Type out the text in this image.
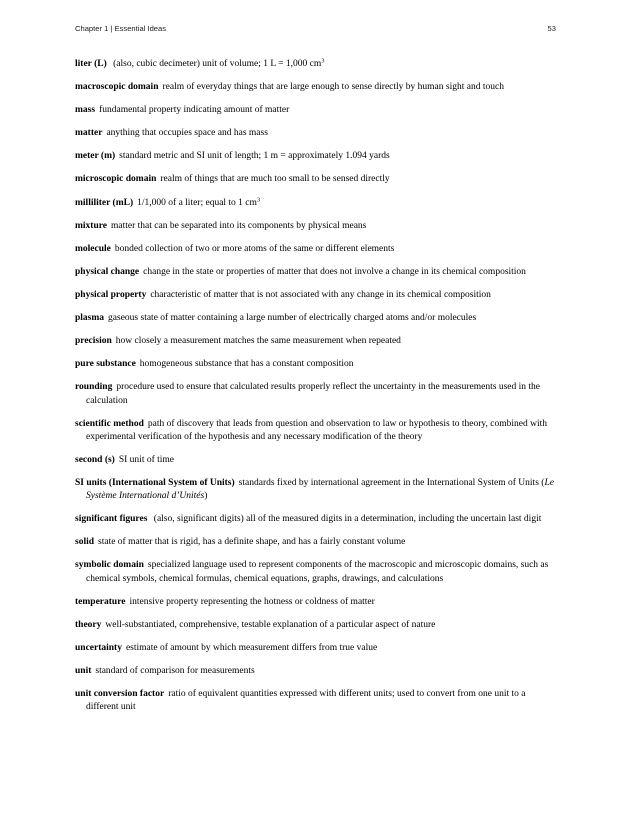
Chapter 1 | Essential Ideas	53

liter (L) (also, cubic decimeter) unit of volume; 1 L = 1,000 $cm^3$

macroscopic domain realm of everyday things that are large enough to sense directly by human sight and touch

mass fundamental property indicating amount of matter

matter anything that occupies space and has mass

meter (m) standard metric and SI unit of length; 1 m = approximately 1.094 yards

microscopic domain realm of things that are much too small to be sensed directly

milliliter (mL) 1/1,000 of a liter; equal to 1 $cm^3$

mixture matter that can be separated into its components by physical means

molecule bonded collection of two or more atoms of the same or different elements

physical change change in the state or properties of matter that does not involve a change in its chemical composition

physical property characteristic of matter that is not associated with any change in its chemical composition

plasma gaseous state of matter containing a large number of electrically charged atoms and/or molecules

precision how closely a measurement matches the same measurement when repeated

pure substance homogeneous substance that has a constant composition

rounding procedure used to ensure that calculated results properly reflect the uncertainty in the measurements used in the calculation

scientific method path of discovery that leads from question and observation to law or hypothesis to theory, combined with experimental verification of the hypothesis and any necessary modification of the theory

second (s) SI unit of time

SI units (International System of Units) standards fixed by international agreement in the International System of Units (Le Système International d’Unités)

significant figures (also, significant digits) all of the measured digits in a determination, including the uncertain last digit

solid state of matter that is rigid, has a definite shape, and has a fairly constant volume

symbolic domain specialized language used to represent components of the macroscopic and microscopic domains, such as chemical symbols, chemical formulas, chemical equations, graphs, drawings, and calculations

temperature intensive property representing the hotness or coldness of matter

theory well-substantiated, comprehensive, testable explanation of a particular aspect of nature

uncertainty estimate of amount by which measurement differs from true value

unit standard of comparison for measurements

unit conversion factor ratio of equivalent quantities expressed with different units; used to convert from one unit to a different unit
